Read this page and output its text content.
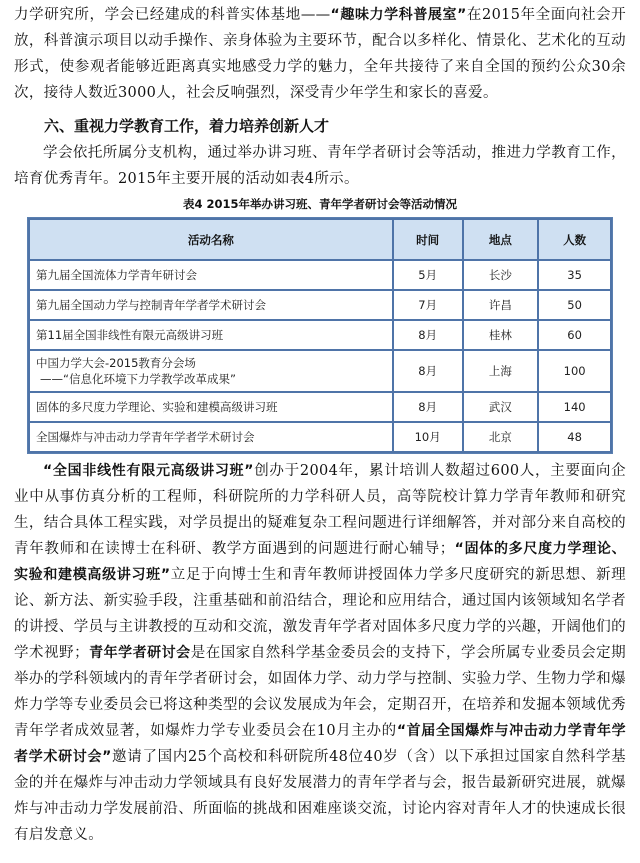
力学研究所，学会已经建成的科普实体基地——“趣味力学科普展室”在2015年全面向社会开放，科普演示项目以动手操作、亲身体验为主要环节，配合以多样化、情景化、艺术化的互动形式，使参观者能够近距离真实地感受力学的魅力，全年共接待了来自全国的预约公众30余次，接待人数近3000人，社会反响强烈，深受青少年学生和家长的喜爱。

六、重视力学教育工作，着力培养创新人才

学会依托所属分支机构，通过举办讲习班、青年学者研讨会等活动，推进力学教育工作，培育优秀青年。2015年主要开展的活动如表4所示。

表4 2015年举办讲习班、青年学者研讨会等活动情况
活动名称	时间	地点	人数
第九届全国流体力学青年研讨会	5月	长沙	35
第九届全国动力学与控制青年学者学术研讨会	7月	许昌	50
第11届全国非线性有限元高级讲习班	8月	桂林	60
中国力学大会-2015教育分会场
——“信息化环境下力学教学改革成果”	8月	上海	100
固体的多尺度力学理论、实验和建模高级讲习班	8月	武汉	140
全国爆炸与冲击动力学青年学者学术研讨会	10月	北京	48

“全国非线性有限元高级讲习班”创办于2004年，累计培训人数超过600人，主要面向企业中从事仿真分析的工程师，科研院所的力学科研人员，高等院校计算力学青年教师和研究生，结合具体工程实践，对学员提出的疑难复杂工程问题进行详细解答，并对部分来自高校的青年教师和在读博士在科研、教学方面遇到的问题进行耐心辅导；“固体的多尺度力学理论、实验和建模高级讲习班”立足于向博士生和青年教师讲授固体力学多尺度研究的新思想、新理论、新方法、新实验手段，注重基础和前沿结合，理论和应用结合，通过国内该领域知名学者的讲授、学员与主讲教授的互动和交流，激发青年学者对固体多尺度力学的兴趣，开阔他们的学术视野；青年学者研讨会是在国家自然科学基金委员会的支持下，学会所属专业委员会定期举办的学科领域内的青年学者研讨会，如固体力学、动力学与控制、实验力学、生物力学和爆炸力学等专业委员会已将这种类型的会议发展成为年会，定期召开，在培养和发掘本领域优秀青年学者成效显著，如爆炸力学专业委员会在10月主办的“首届全国爆炸与冲击动力学青年学者学术研讨会”邀请了国内25个高校和科研院所48位40岁（含）以下承担过国家自然科学基金的并在爆炸与冲击动力学领域具有良好发展潜力的青年学者与会，报告最新研究进展，就爆炸与冲击动力学发展前沿、所面临的挑战和困难座谈交流，讨论内容对青年人才的快速成长很有启发意义。
